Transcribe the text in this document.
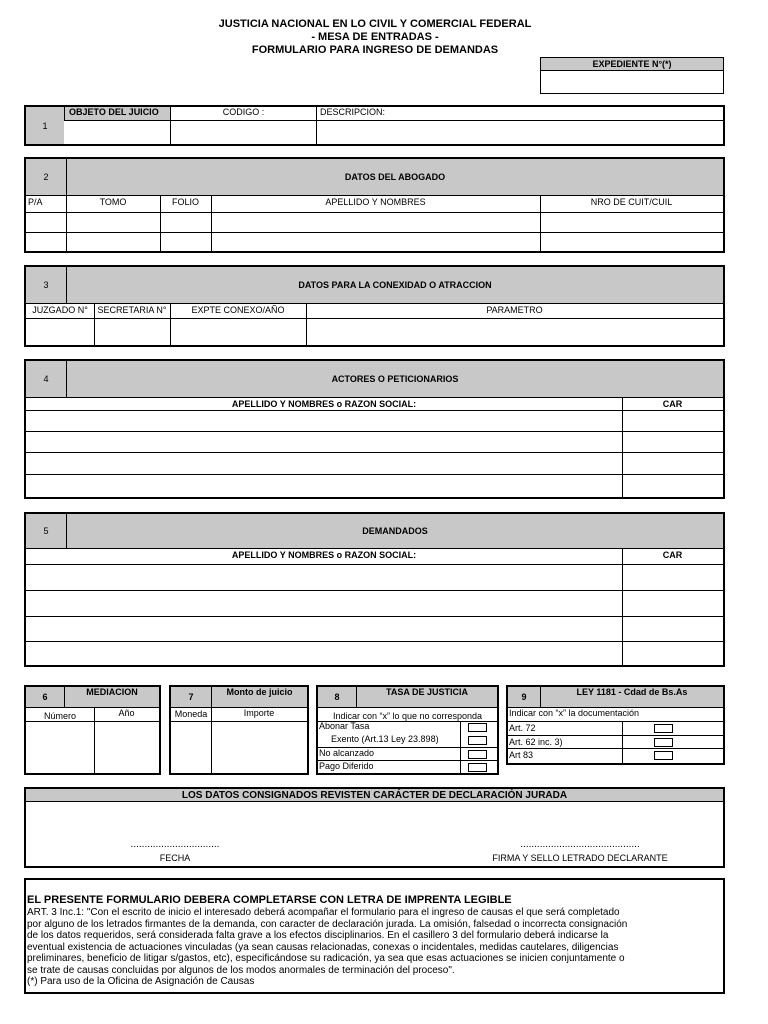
JUSTICIA NACIONAL EN LO CIVIL Y COMERCIAL FEDERAL
- MESA DE ENTRADAS -
FORMULARIO PARA INGRESO DE DEMANDAS
EXPEDIENTE N°(*)
1
OBJETO DEL JUICIO	CODIGO :	DESCRIPCION:
2	DATOS DEL ABOGADO
P/A	TOMO	FOLIO	APELLIDO Y NOMBRES	NRO DE CUIT/CUIL
3	DATOS PARA LA CONEXIDAD O ATRACCION
JUZGADO N°	SECRETARIA N°	EXPTE CONEXO/AÑO	PARAMETRO
4	ACTORES O PETICIONARIOS
APELLIDO Y NOMBRES o RAZON SOCIAL:	CAR
5	DEMANDADOS
APELLIDO Y NOMBRES o RAZON SOCIAL:	CAR
6	MEDIACION
Número	Año
7	Monto de juicio
Moneda	Importe
8	TASA DE JUSTICIA
Indicar con “x” lo que no corresponda
Abonar Tasa
Exento (Art.13 Ley 23.898)
No alcanzado
Pago Diferido
9	LEY 1181 - Cdad de Bs.As
Indicar con “x” la documentación
Art. 72
Art. 62 inc. 3)
Art 83
LOS DATOS CONSIGNADOS REVISTEN CARÁCTER DE DECLARACIÓN JURADA
................................
FECHA
...........................................
FIRMA Y SELLO LETRADO DECLARANTE
EL PRESENTE FORMULARIO DEBERA COMPLETARSE CON LETRA DE IMPRENTA LEGIBLE
ART. 3 Inc.1: "Con el escrito de inicio el interesado deberá acompañar el formulario para el ingreso de causas el que será completado
por alguno de los letrados firmantes de la demanda, con caracter de declaración jurada. La omisión, falsedad o incorrecta consignación
de los datos requeridos, será considerada falta grave a los efectos disciplinarios. En el casillero 3 del formulario deberá indicarse la
eventual existencia de actuaciones vinculadas (ya sean causas relacionadas, conexas o incidentales, medidas cautelares, diligencias
preliminares, beneficio de litigar s/gastos, etc), especificándose su radicación, ya sea que esas actuaciones se inicien conjuntamente o
se trate de causas concluidas por algunos de los modos anormales de terminación del proceso".
(*) Para uso de la Oficina de Asignación de Causas
